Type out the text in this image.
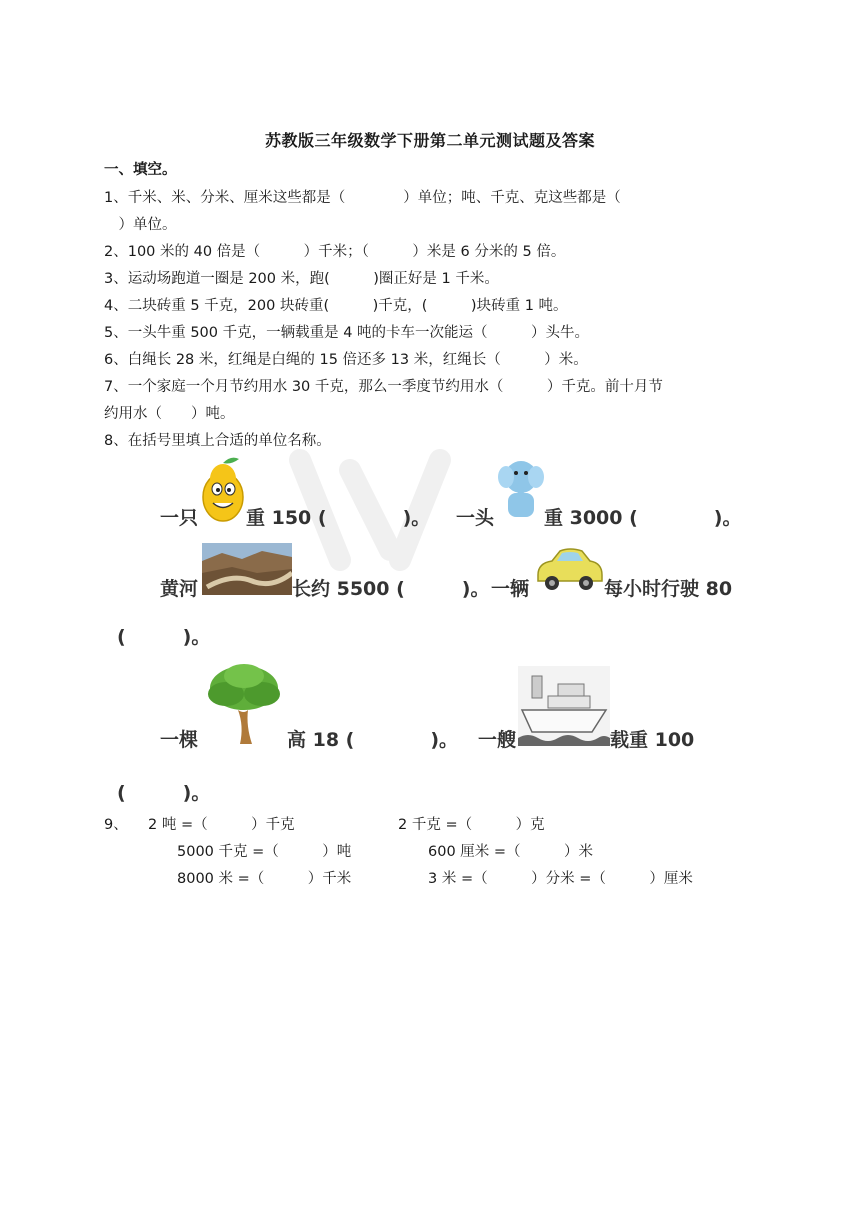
苏教版三年级数学下册第二单元测试题及答案
一、填空。
1、千米、米、分米、厘米这些都是（　　　　）单位；吨、千克、克这些都是（
　）单位。
2、100 米的 40 倍是（　　　）千米；（　　　）米是 6 分米的 5 倍。
3、运动场跑道一圈是 200 米，跑(　　　)圈正好是 1 千米。
4、二块砖重 5 千克，200 块砖重(　　　)千克，(　　　)块砖重 1 吨。
5、一头牛重 500 千克，一辆载重是 4 吨的卡车一次能运（　　　）头牛。
6、白绳长 28 米，红绳是白绳的 15 倍还多 13 米，红绳长（　　　）米。
7、一个家庭一个月节约用水 30 千克，那么一季度节约用水（　　　）千克。前十月节
约用水（　　）吨。
8、在括号里填上合适的单位名称。
一只	重 150 (　　　　)。 一头	重 3000 (　　　　)。
黄河	长约 5500 (　　　)。 一辆	每小时行驶 80
(　　　)。
一棵	高 18 (　　　　)。 一艘	载重 100
(　　　)。
9、 2 吨 =（　　　）千克	2 千克 =（　　　）克
5000 千克 =（　　　）吨	600 厘米 =（　　　）米
8000 米 =（　　　）千米	3 米 =（　　　）分米 =（　　　）厘米
